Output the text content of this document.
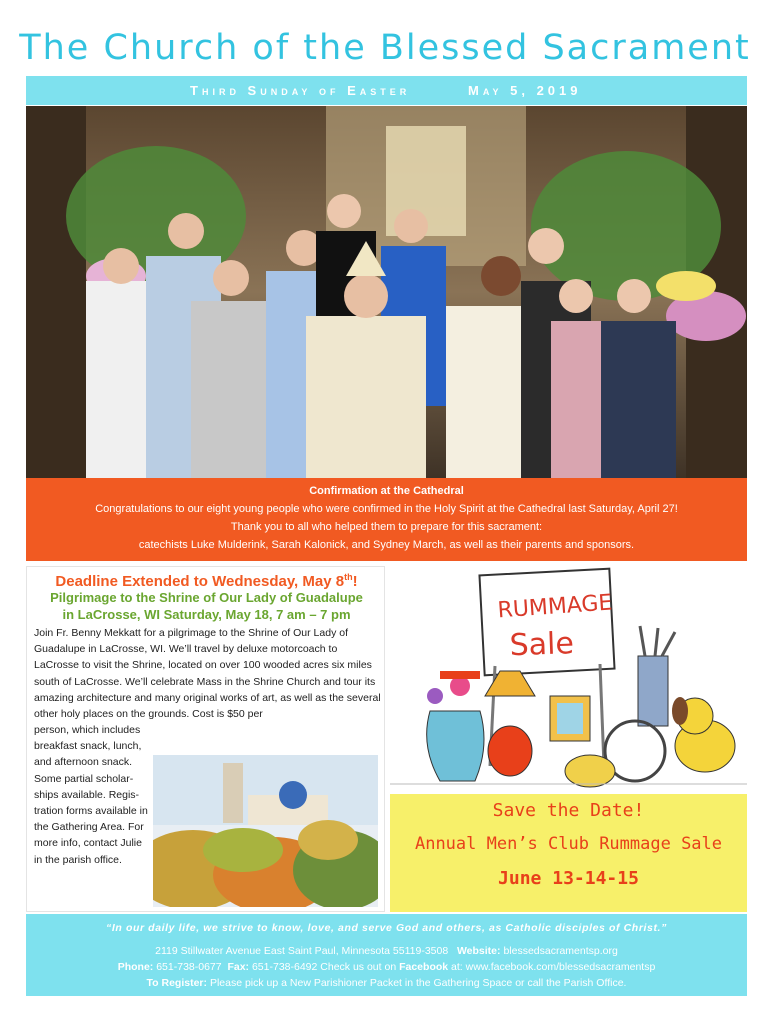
The Church of the Blessed Sacrament
Third Sunday of Easter	May 5, 2019
Confirmation at the Cathedral
Congratulations to our eight young people who were confirmed in the Holy Spirit at the Cathedral last Saturday, April 27!
Thank you to all who helped them to prepare for this sacrament:
catechists Luke Mulderink, Sarah Kalonick, and Sydney March, as well as their parents and sponsors.
Deadline Extended to Wednesday, May 8th!
Pilgrimage to the Shrine of Our Lady of Guadalupe
in LaCrosse, WI Saturday, May 18, 7 am – 7 pm
Join Fr. Benny Mekkatt for a pilgrimage to the Shrine of Our Lady of Guadalupe in LaCrosse, WI. We’ll travel by deluxe motorcoach to LaCrosse to visit the Shrine, located on over 100 wooded acres six miles south of LaCrosse. We’ll celebrate Mass in the Shrine Church and tour its amazing architecture and many original works of art, as well as the several other holy places on the grounds. Cost is $50 per
person, which includes breakfast snack, lunch, and afternoon snack. Some partial scholar-ships available. Regis-tration forms available in the Gathering Area. For more info, contact Julie in the parish office.
RUMMAGE
Sale
Save the Date!
Annual Men’s Club Rummage Sale
June 13-14-15
“In our daily life, we strive to know, love, and serve God and others, as Catholic disciples of Christ.”
2119 Stillwater Avenue East Saint Paul, Minnesota 55119-3508 Website: blessedsacramentsp.org
Phone: 651-738-0677 Fax: 651-738-6492 Check us out on Facebook at: www.facebook.com/blessedsacramentsp
To Register: Please pick up a New Parishioner Packet in the Gathering Space or call the Parish Office.
